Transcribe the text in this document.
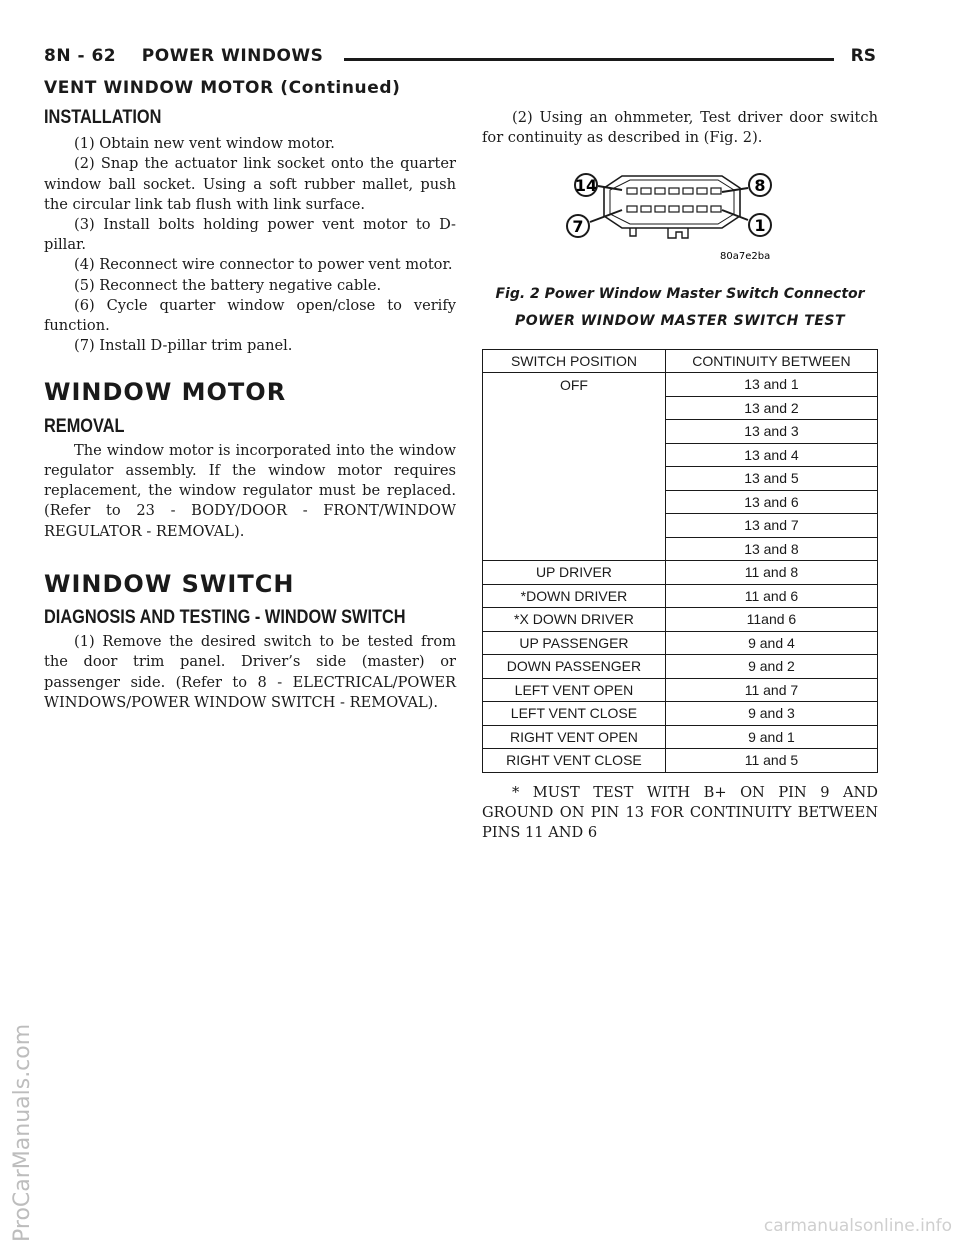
8N - 62    POWER WINDOWS	RS
VENT WINDOW MOTOR (Continued)
INSTALLATION

(1) Obtain new vent window motor.

(2) Snap the actuator link socket onto the quarter window ball socket. Using a soft rubber mallet, push the circular link tab flush with link surface.

(3) Install bolts holding power vent motor to D-pillar.

(4) Reconnect wire connector to power vent motor.

(5) Reconnect the battery negative cable.

(6) Cycle quarter window open/close to verify function.

(7) Install D-pillar trim panel.

WINDOW MOTOR
REMOVAL

The window motor is incorporated into the window regulator assembly. If the window motor requires replacement, the window regulator must be replaced. (Refer to 23 - BODY/DOOR - FRONT/WINDOW REGULATOR - REMOVAL).

WINDOW SWITCH
DIAGNOSIS AND TESTING - WINDOW SWITCH

(1) Remove the desired switch to be tested from the door trim panel. Driver’s side (master) or passenger side. (Refer to 8 - ELECTRICAL/POWER WINDOWS/POWER WINDOW SWITCH - REMOVAL).

(2) Using an ohmmeter, Test driver door switch for continuity as described in (Fig. 2).

14	8
7	1
80a7e2ba

Fig. 2 Power Window Master Switch Connector

POWER WINDOW MASTER SWITCH TEST

SWITCH POSITION	CONTINUITY BETWEEN
OFF	13 and 1
	13 and 2
	13 and 3
	13 and 4
	13 and 5
	13 and 6
	13 and 7
	13 and 8
UP DRIVER	11 and 8
*DOWN DRIVER	11 and 6
*X DOWN DRIVER	11and 6
UP PASSENGER	9 and 4
DOWN PASSENGER	9 and 2
LEFT VENT OPEN	11 and 7
LEFT VENT CLOSE	9 and 3
RIGHT VENT OPEN	9 and 1
RIGHT VENT CLOSE	11 and 5

* MUST TEST WITH B+ ON PIN 9 AND GROUND ON PIN 13 FOR CONTINUITY BETWEEN PINS 11 AND 6

ProCarManuals.com	carmanualsonline.info
